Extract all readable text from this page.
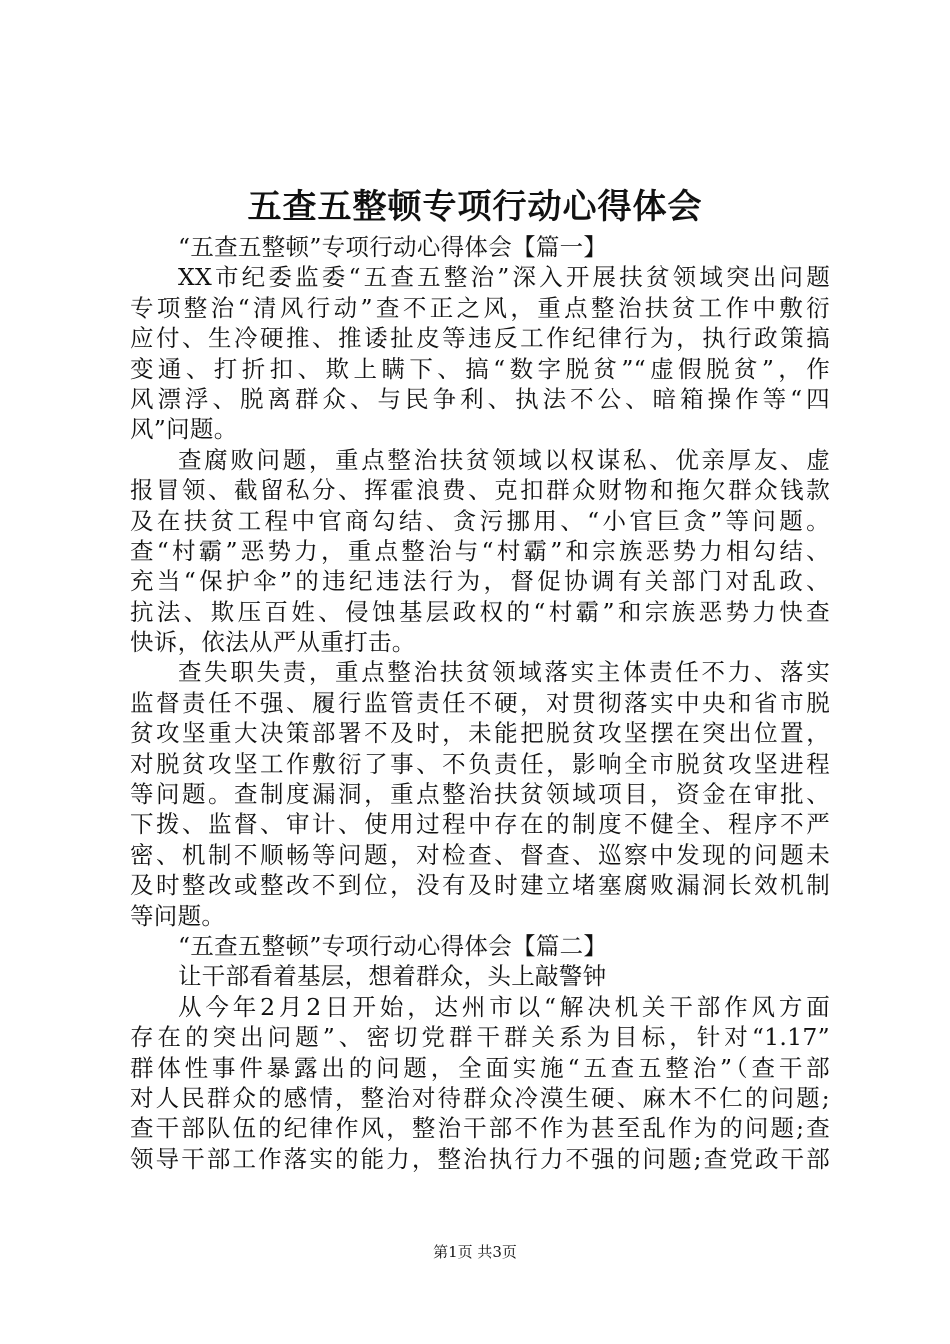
五查五整顿专项行动心得体会
“五查五整顿”专项行动心得体会【篇一】
XX市纪委监委“五查五整治”深入开展扶贫领域突出问题
专项整治“清风行动”查不正之风，重点整治扶贫工作中敷衍
应付、生冷硬推、推诿扯皮等违反工作纪律行为，执行政策搞
变通、打折扣、欺上瞒下、搞“数字脱贫”“虚假脱贫”，作
风漂浮、脱离群众、与民争利、执法不公、暗箱操作等“四
风”问题。
查腐败问题，重点整治扶贫领域以权谋私、优亲厚友、虚
报冒领、截留私分、挥霍浪费、克扣群众财物和拖欠群众钱款
及在扶贫工程中官商勾结、贪污挪用、“小官巨贪”等问题。
查“村霸”恶势力，重点整治与“村霸”和宗族恶势力相勾结、
充当“保护伞”的违纪违法行为，督促协调有关部门对乱政、
抗法、欺压百姓、侵蚀基层政权的“村霸”和宗族恶势力快查
快诉，依法从严从重打击。
查失职失责，重点整治扶贫领域落实主体责任不力、落实
监督责任不强、履行监管责任不硬，对贯彻落实中央和省市脱
贫攻坚重大决策部署不及时，未能把脱贫攻坚摆在突出位置，
对脱贫攻坚工作敷衍了事、不负责任，影响全市脱贫攻坚进程
等问题。查制度漏洞，重点整治扶贫领域项目，资金在审批、
下拨、监督、审计、使用过程中存在的制度不健全、程序不严
密、机制不顺畅等问题，对检查、督查、巡察中发现的问题未
及时整改或整改不到位，没有及时建立堵塞腐败漏洞长效机制
等问题。
“五查五整顿”专项行动心得体会【篇二】
让干部看着基层，想着群众，头上敲警钟
从今年2月2日开始，达州市以“解决机关干部作风方面
存在的突出问题”、密切党群干群关系为目标，针对“1.17”
群体性事件暴露出的问题，全面实施“五查五整治”（查干部
对人民群众的感情，整治对待群众冷漠生硬、麻木不仁的问题;
查干部队伍的纪律作风，整治干部不作为甚至乱作为的问题;查
领导干部工作落实的能力，整治执行力不强的问题;查党政干部
第1页 共3页
